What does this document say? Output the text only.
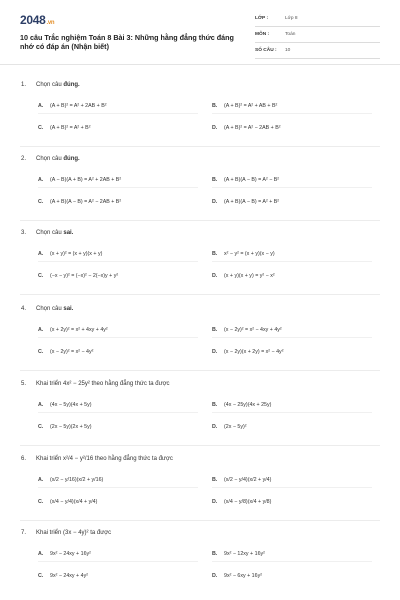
2048.vn
10 câu Trắc nghiệm Toán 8 Bài 3: Những hằng đẳng thức đáng nhớ có đáp án (Nhận biết)
LỚP :	Lớp 8
MÔN :	Toán
SỐ CÂU : 10
1. Chọn câu đúng.
A. (A + B)² = A² + 2AB + B²	B. (A + B)² = A² + AB + B²
C. (A + B)² = A² + B²	D. (A + B)² = A² − 2AB + B²
2. Chọn câu đúng.
A. (A − B)(A + B) = A² + 2AB + B²	B. (A + B)(A − B) = A² − B²
C. (A + B)(A − B) = A² − 2AB + B²	D. (A + B)(A − B) = A² + B²
3. Chọn câu sai.
A. (x + y)² = (x + y)(x + y)	B. x² − y² = (x + y)(x − y)
C. (−x − y)² = (−x)² − 2(−x)y + y²	D. (x + y)(x + y) = y² − x²
4. Chọn câu sai.
A. (x + 2y)² = x² + 4xy + 4y²	B. (x − 2y)² = x² − 4xy + 4y²
C. (x − 2y)² = x² − 4y²	D. (x − 2y)(x + 2y) = x² − 4y²
5. Khai triển 4x² − 25y² theo hằng đẳng thức ta được
A. (4x − 5y)(4x + 5y)	B. (4x − 25y)(4x + 25y)
C. (2x − 5y)(2x + 5y)	D. (2x − 5y)²
6. Khai triển x²/4 − y²/16 theo hằng đẳng thức ta được
A. (x/2 − y/16)(x/2 + y/16)	B. (x/2 − y/4)(x/2 + y/4)
C. (x/4 − y/4)(x/4 + y/4)	D. (x/4 − y/8)(x/4 + y/8)
7. Khai triển (3x − 4y)² ta được
A. 9x² − 24xy + 16y²	B. 9x² − 12xy + 16y²
C. 9x² − 24xy + 4y²	D. 9x² − 6xy + 16y²
